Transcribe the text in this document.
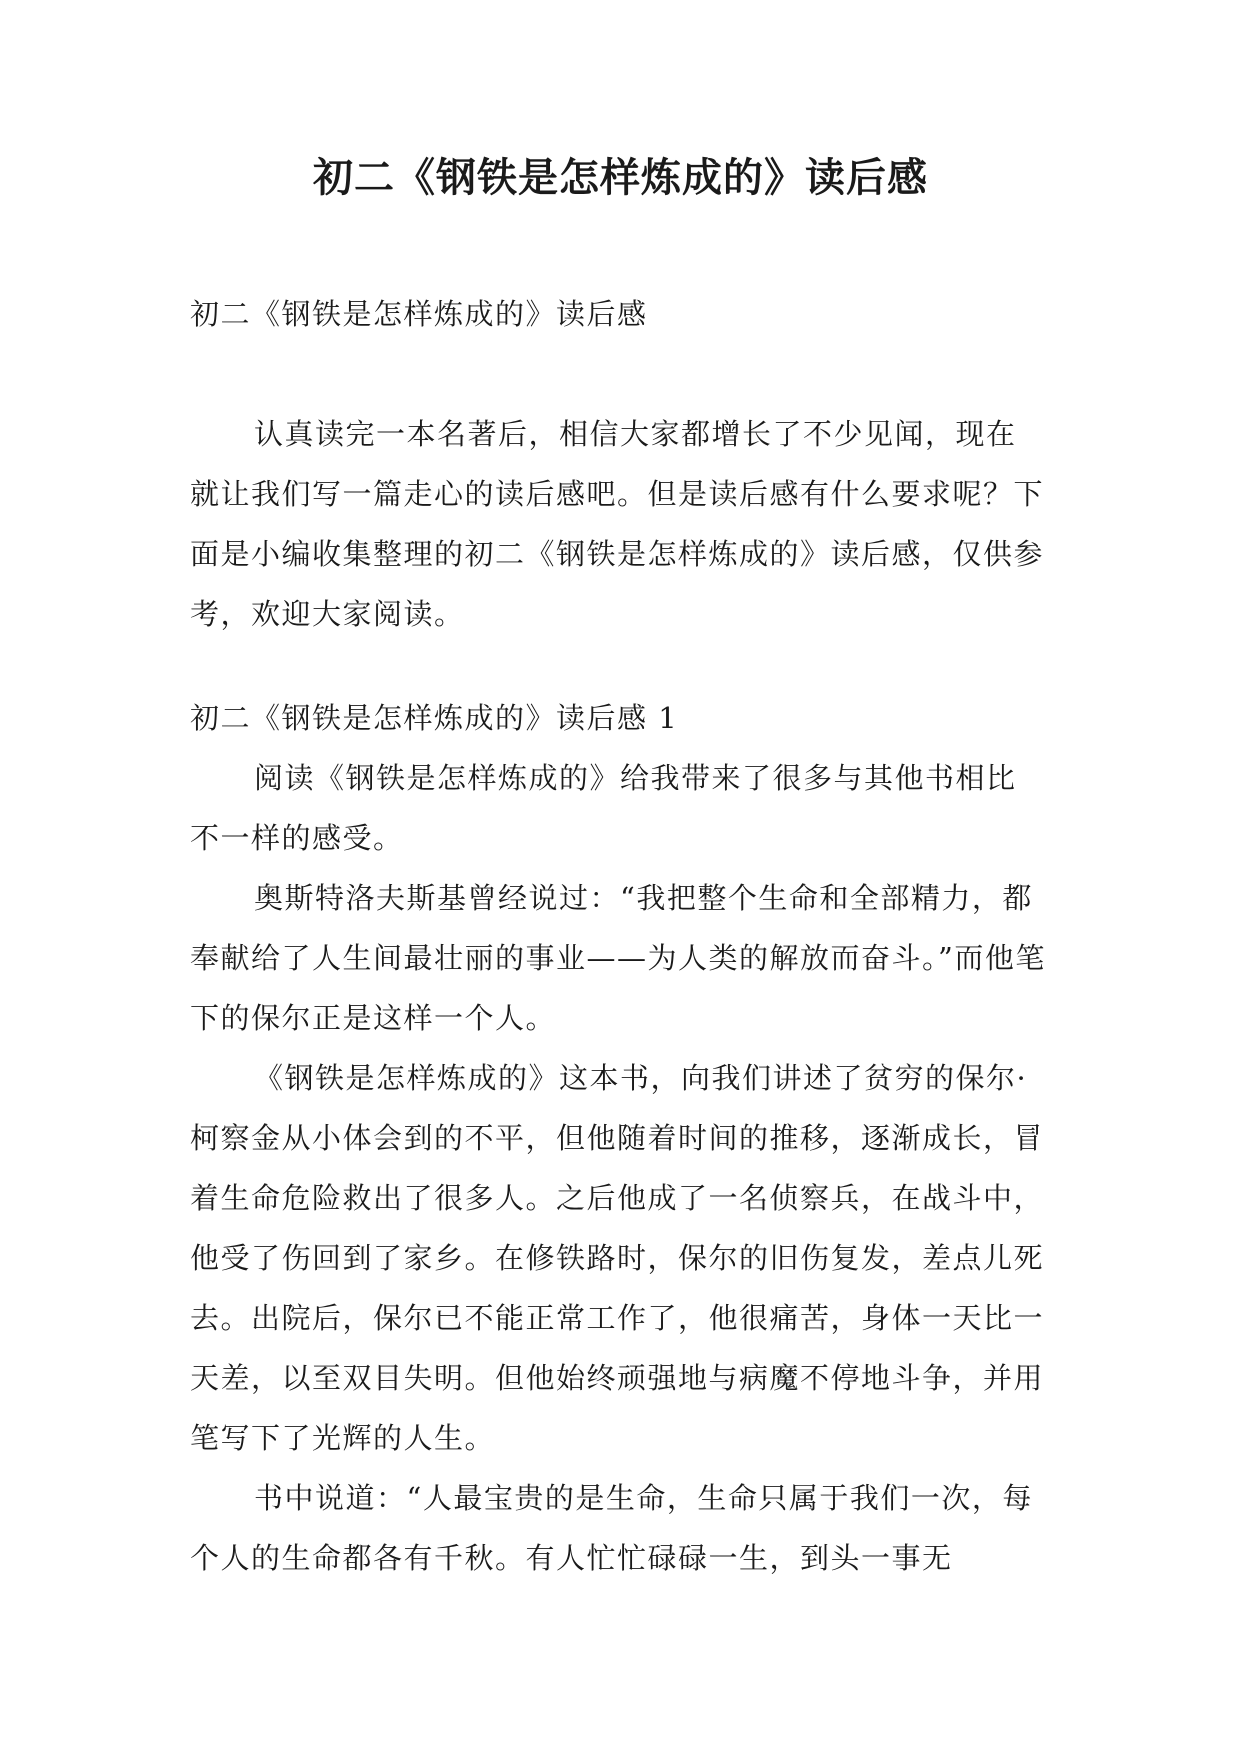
初二《钢铁是怎样炼成的》读后感

初二《钢铁是怎样炼成的》读后感

认真读完一本名著后，相信大家都增长了不少见闻，现在就让我们写一篇走心的读后感吧。但是读后感有什么要求呢？下面是小编收集整理的初二《钢铁是怎样炼成的》读后感，仅供参考，欢迎大家阅读。

初二《钢铁是怎样炼成的》读后感 1

阅读《钢铁是怎样炼成的》给我带来了很多与其他书相比不一样的感受。

奥斯特洛夫斯基曾经说过：“我把整个生命和全部精力，都奉献给了人生间最壮丽的事业——为人类的解放而奋斗。”而他笔下的保尔正是这样一个人。

《钢铁是怎样炼成的》这本书，向我们讲述了贫穷的保尔·柯察金从小体会到的不平，但他随着时间的推移，逐渐成长，冒着生命危险救出了很多人。之后他成了一名侦察兵，在战斗中，他受了伤回到了家乡。在修铁路时，保尔的旧伤复发，差点儿死去。出院后，保尔已不能正常工作了，他很痛苦，身体一天比一天差，以至双目失明。但他始终顽强地与病魔不停地斗争，并用笔写下了光辉的人生。

书中说道：“人最宝贵的是生命，生命只属于我们一次，每个人的生命都各有千秋。有人忙忙碌碌一生，到头一事无
